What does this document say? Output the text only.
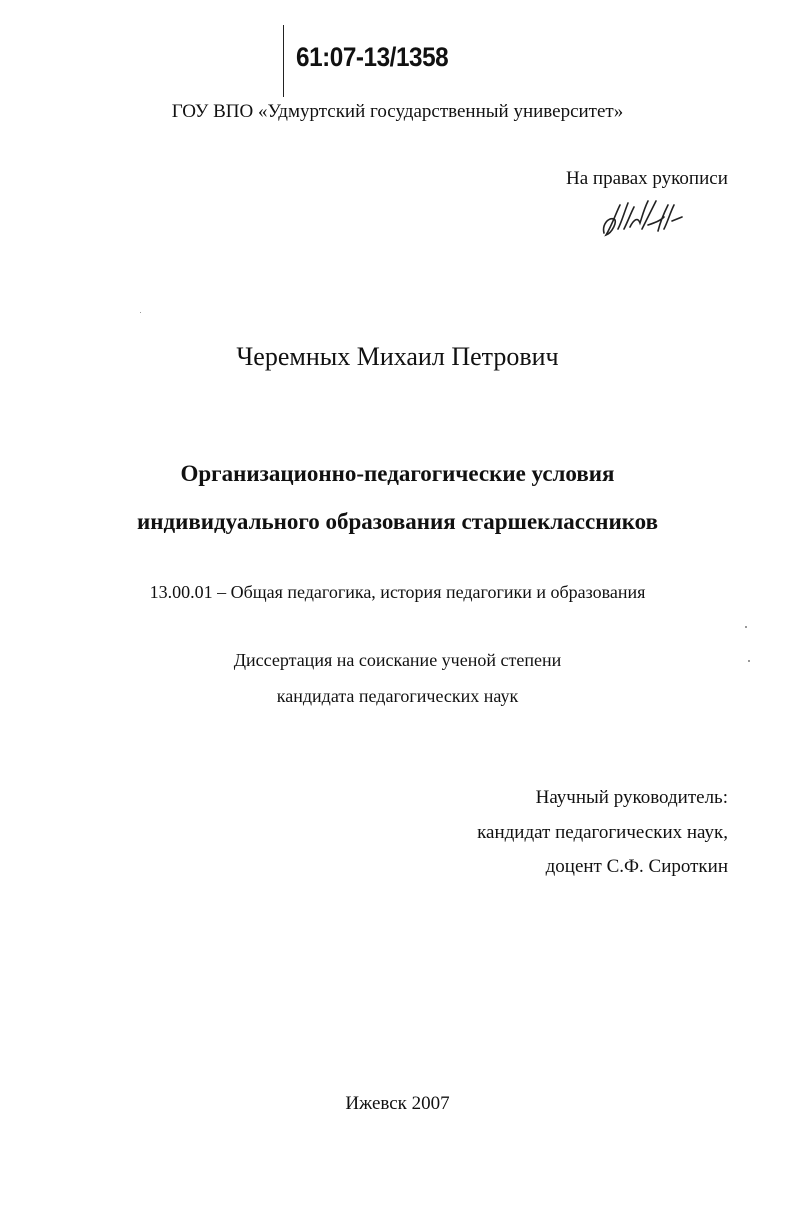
61:07-13/1358
ГОУ ВПО «Удмуртский государственный университет»
На правах рукописи
Черемных Михаил Петрович
Организационно-педагогические условия
индивидуального образования старшеклассников
13.00.01 – Общая педагогика, история педагогики и образования
Диссертация на соискание ученой степени
кандидата педагогических наук
Научный руководитель:
кандидат педагогических наук,
доцент С.Ф. Сироткин
Ижевск 2007
